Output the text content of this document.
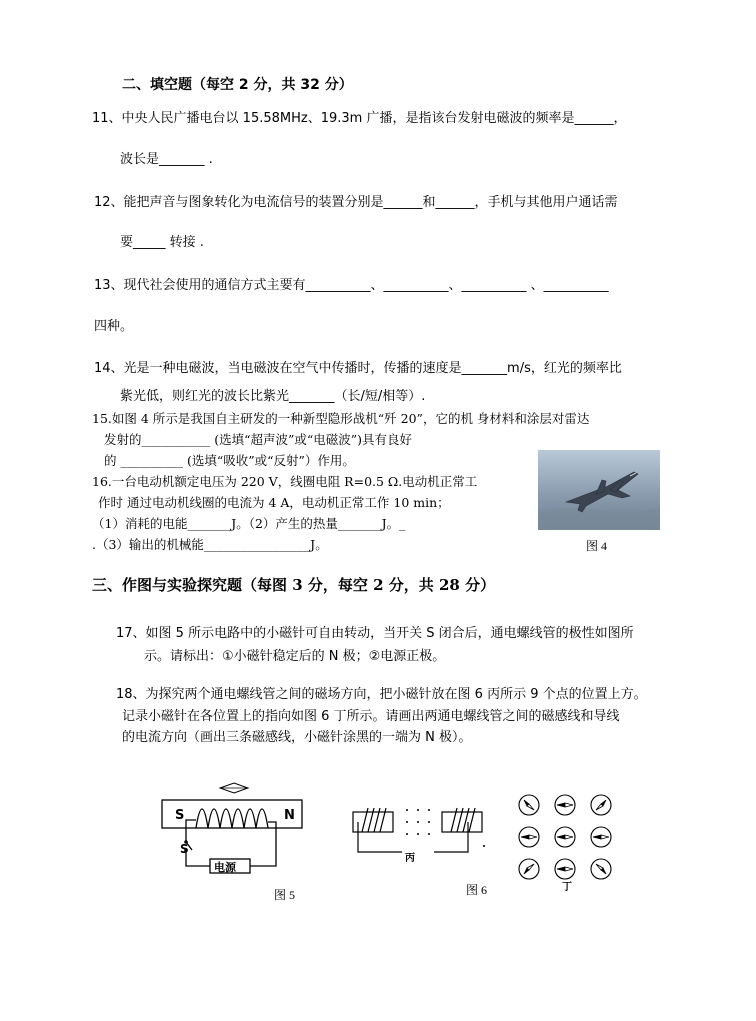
二、填空题（每空 2 分，共 32 分）
11、中央人民广播电台以 15.58MHz、19.3m 广播，是指该台发射电磁波的频率是______，
波长是_______ .
12、能把声音与图象转化为电流信号的装置分别是______和______，手机与其他用户通话需
要_____ 转接 .
13、现代社会使用的通信方式主要有__________、__________、__________ 、__________
四种。
14、光是一种电磁波，当电磁波在空气中传播时，传播的速度是_______m/s，红光的频率比
紫光低，则红光的波长比紫光_______（长/短/相等）.
15.如图 4 所示是我国自主研发的一种新型隐形战机“歼 20”，它的机 身材料和涂层对雷达
发射的___________ (选填“超声波”或“电磁波”)具有良好
的 __________ (选填“吸收”或“反射”）作用。
16.一台电动机额定电压为 220 V，线圈电阻 R=0.5 Ω.电动机正常工
作时 通过电动机线圈的电流为 4 A，电动机正常工作 10 min；
（1）消耗的电能_______J。（2）产生的热量_______J。_
.（3）输出的机械能_________________J。	图 4
三、作图与实验探究题（每图 3 分，每空 2 分，共 28 分）
17、如图 5 所示电路中的小磁针可自由转动，当开关 S 闭合后，通电螺线管的极性如图所
示。请标出：①小磁针稳定后的 N 极；②电源正极。
18、为探究两个通电螺线管之间的磁场方向，把小磁针放在图 6 丙所示 9 个点的位置上方。
记录小磁针在各位置上的指向如图 6 丁所示。请画出两通电螺线管之间的磁感线和导线
的电流方向（画出三条磁感线，小磁针涂黑的一端为 N 极）。
S	N
S
电源
图 5
丙
丁
图 6
